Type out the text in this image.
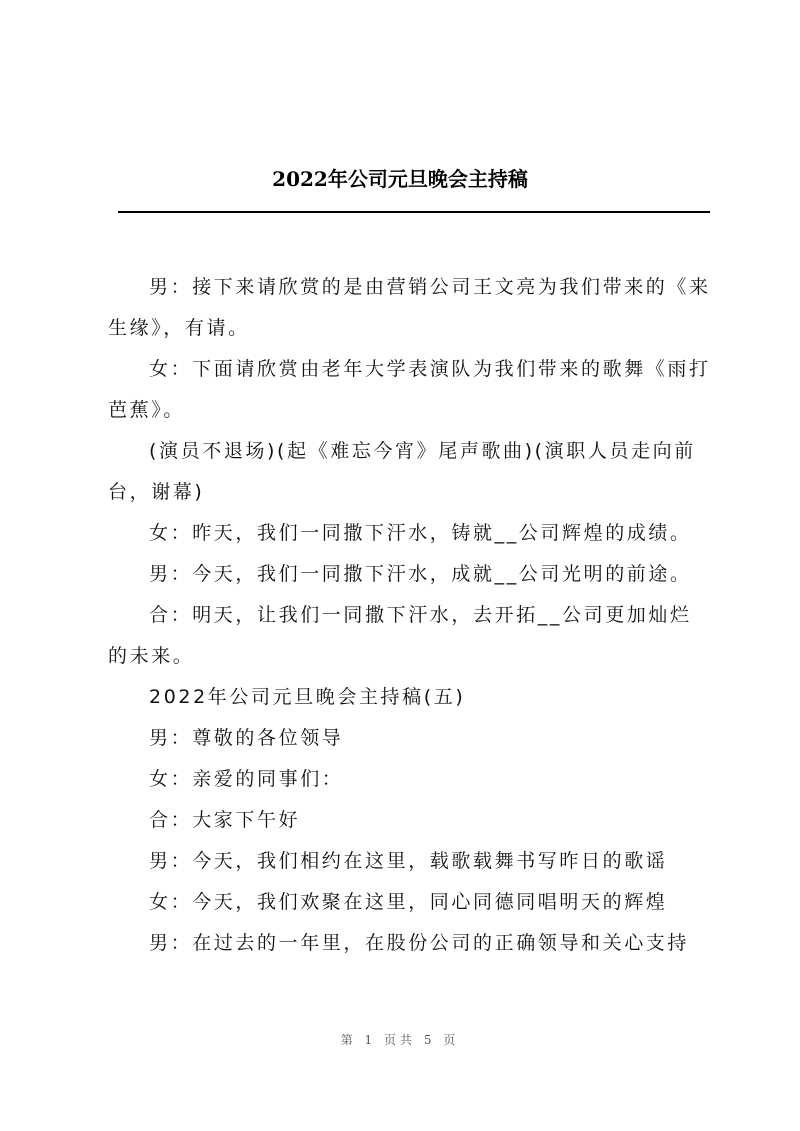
2022年公司元旦晚会主持稿

男：接下来请欣赏的是由营销公司王文亮为我们带来的《来生缘》，有请。

女：下面请欣赏由老年大学表演队为我们带来的歌舞《雨打芭蕉》。

(演员不退场)(起《难忘今宵》尾声歌曲)(演职人员走向前台，谢幕)

女：昨天，我们一同撒下汗水，铸就__公司辉煌的成绩。

男：今天，我们一同撒下汗水，成就__公司光明的前途。

合：明天，让我们一同撒下汗水，去开拓__公司更加灿烂的未来。

2022年公司元旦晚会主持稿(五)

男：尊敬的各位领导

女：亲爱的同事们：

合：大家下午好

男：今天，我们相约在这里，载歌载舞书写昨日的歌谣

女：今天，我们欢聚在这里，同心同德同唱明天的辉煌

男：在过去的一年里，在股份公司的正确领导和关心支持

第 1 页共 5 页
